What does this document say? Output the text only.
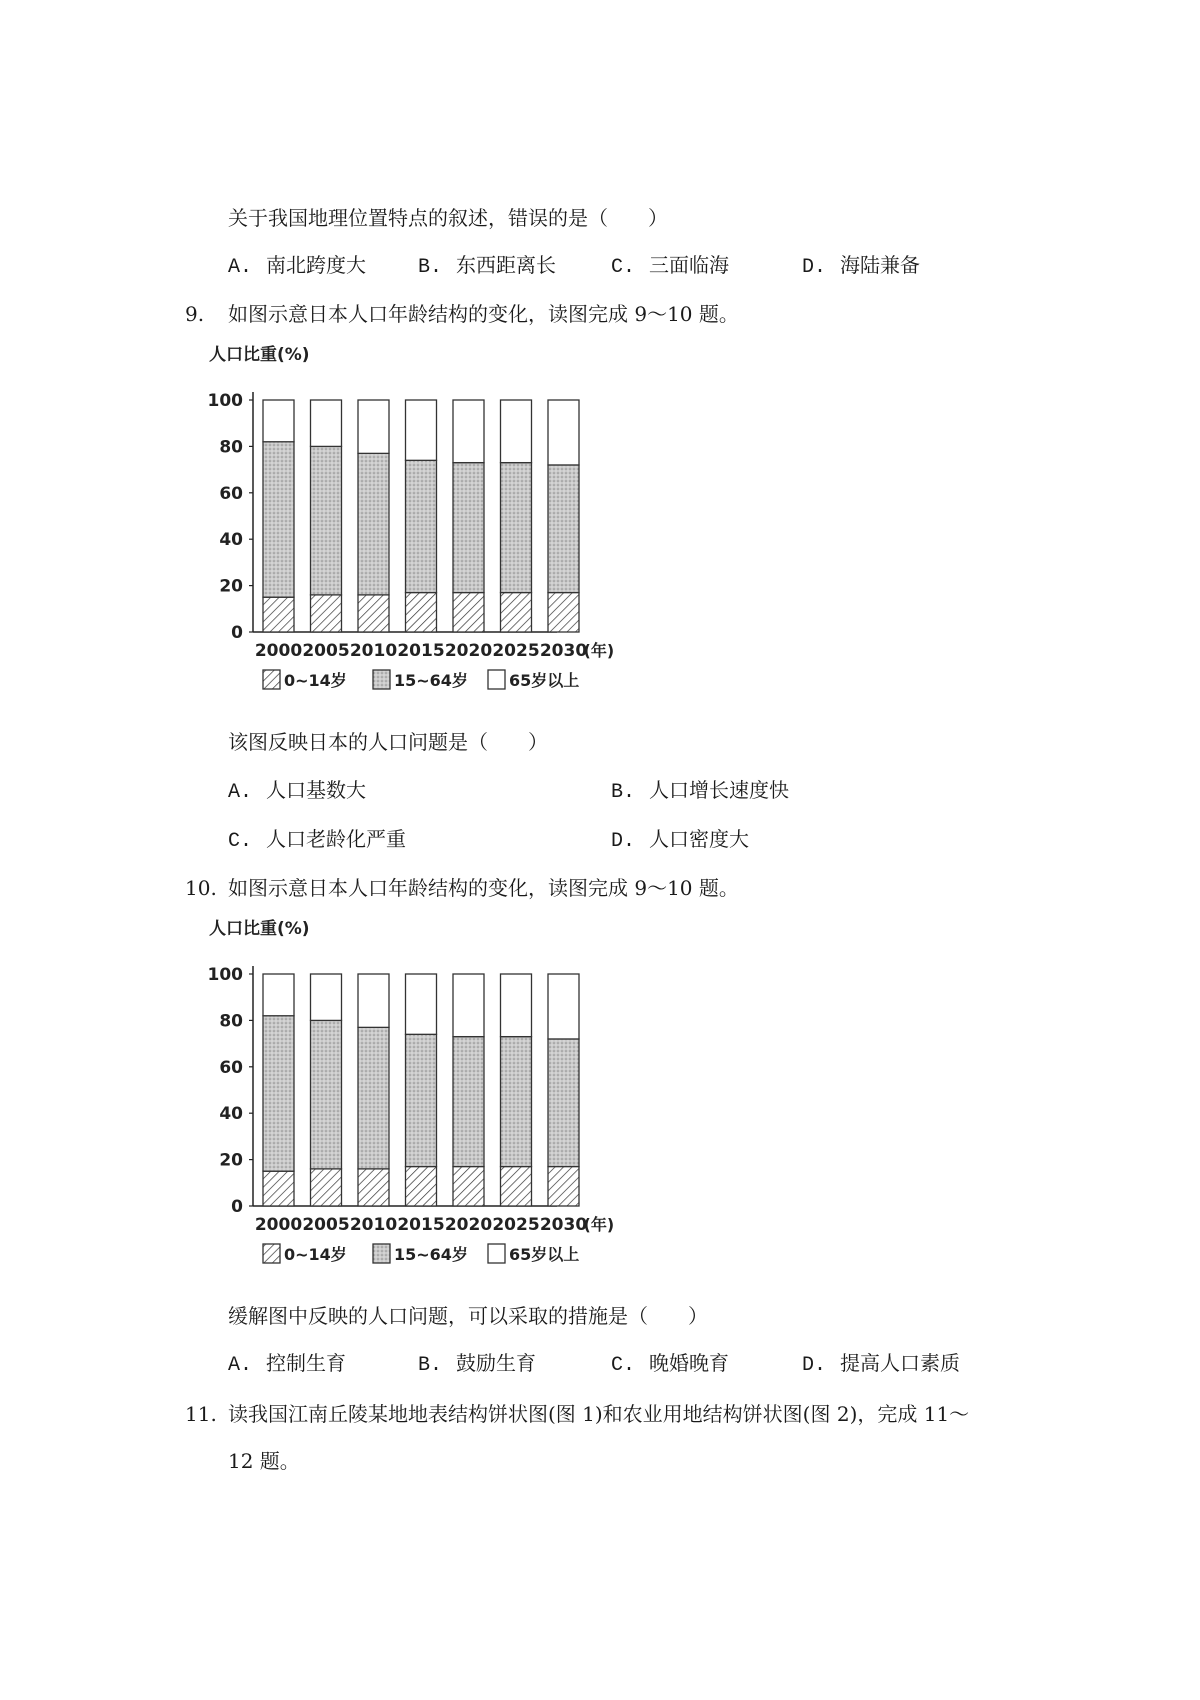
关于我国地理位置特点的叙述，错误的是（　　）
A. 南北跨度大	B. 东西距离长	C. 三面临海	D. 海陆兼备
9. 如图示意日本人口年龄结构的变化，读图完成 9～10 题。
人口比重(%)
0
20
40
60
80
100
2000 2005 2010 2015 2020 2025 2030
(年)
0~14岁	15~64岁	65岁以上
该图反映日本的人口问题是（　　）
A. 人口基数大	B. 人口增长速度快
C. 人口老龄化严重	D. 人口密度大
10. 如图示意日本人口年龄结构的变化，读图完成 9～10 题。
人口比重(%)
0
20
40
60
80
100
2000 2005 2010 2015 2020 2025 2030
(年)
0~14岁	15~64岁	65岁以上
缓解图中反映的人口问题，可以采取的措施是（　　）
A. 控制生育	B. 鼓励生育	C. 晚婚晚育	D. 提高人口素质
11. 读我国江南丘陵某地地表结构饼状图(图 1)和农业用地结构饼状图(图 2)，完成 11～
12 题。
